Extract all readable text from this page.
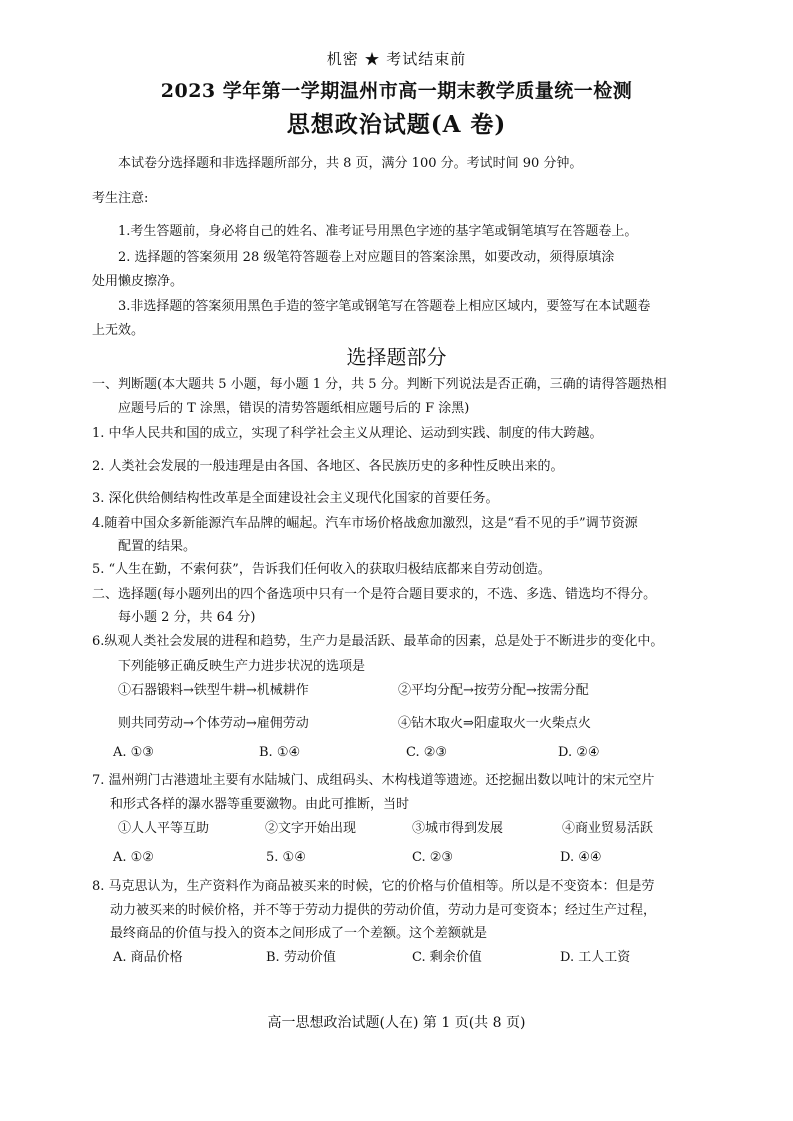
机密 ★ 考试结束前
2023 学年第一学期温州市高一期末教学质量统一检测
思想政治试题(A 卷)
本试卷分选择题和非选择题所部分，共 8 页，满分 100 分。考试时间 90 分钟。
考生注意:
1.考生答题前，身必将自己的姓名、准考证号用黑色字迹的基字笔或铜笔填写在答题卷上。
2. 选择题的答案须用 28 级笔符答题卷上对应题目的答案涂黑，如要改动，须得原填涂
处用懒皮擦净。
3.非选择题的答案须用黑色手造的签字笔或钢笔写在答题卷上相应区域内，要签写在本试题卷
上无效。
选择题部分
一、判断题(本大题共 5 小题，每小题 1 分，共 5 分。判断下列说法是否正确，三确的请得答题热相
应题号后的 T 涂黑，错误的清势答题纸相应题号后的 F 涂黑)
1. 中华人民共和国的成立，实现了科学社会主义从理论、运动到实践、制度的伟大跨越。
2. 人类社会发展的一般违理是由各国、各地区、各民族历史的多种性反映出来的。
3. 深化供给侧结构性改革是全面建设社会主义现代化国家的首要任务。
4.随着中国众多新能源汽车品牌的崛起。汽车市场价格战愈加激烈，这是“看不见的手”调节资源
配置的结果。
5. “人生在勤，不索何获”，告诉我们任何收入的获取归极结底都来自劳动创造。
二、选择题(每小题列出的四个备选项中只有一个是符合题目要求的，不选、多选、错选均不得分。
每小题 2 分，共 64 分)
6.纵观人类社会发展的进程和趋势，生产力是最活跃、最革命的因素，总是处于不断进步的变化中。
下列能够正确反映生产力进步状况的选项是
①石器锻料→铁型牛耕→机械耕作	②平均分配→按劳分配→按需分配
则共同劳动→个体劳动→雇佣劳动	④钻木取火⇒阳虚取火一火柴点火
A. ①③	B. ①④	C. ②③	D. ②④
7. 温州朔门古港遗址主要有水陆城门、成组码头、木构栈道等遗迹。还挖掘出数以吨计的宋元空片
和形式各样的瀑水器等重要瀲物。由此可推断，当时
①人人平等互助	②文字开始出现	③城市得到发展	④商业贸易活跃
A. ①②	5. ①④	C. ②③	D. ④④
8. 马克思认为，生产资料作为商品被买来的时候，它的价格与价值相等。所以是不变资本：但是劳
动力被买来的时候价格，并不等于劳动力提供的劳动价值，劳动力是可变资本；经过生产过程，
最终商品的价值与投入的资本之间形成了一个差额。这个差额就是
A. 商品价格	B. 劳动价值	C. 剩余价值	D. 工人工资
高一思想政治试题(人在) 第 1 页(共 8 页)
